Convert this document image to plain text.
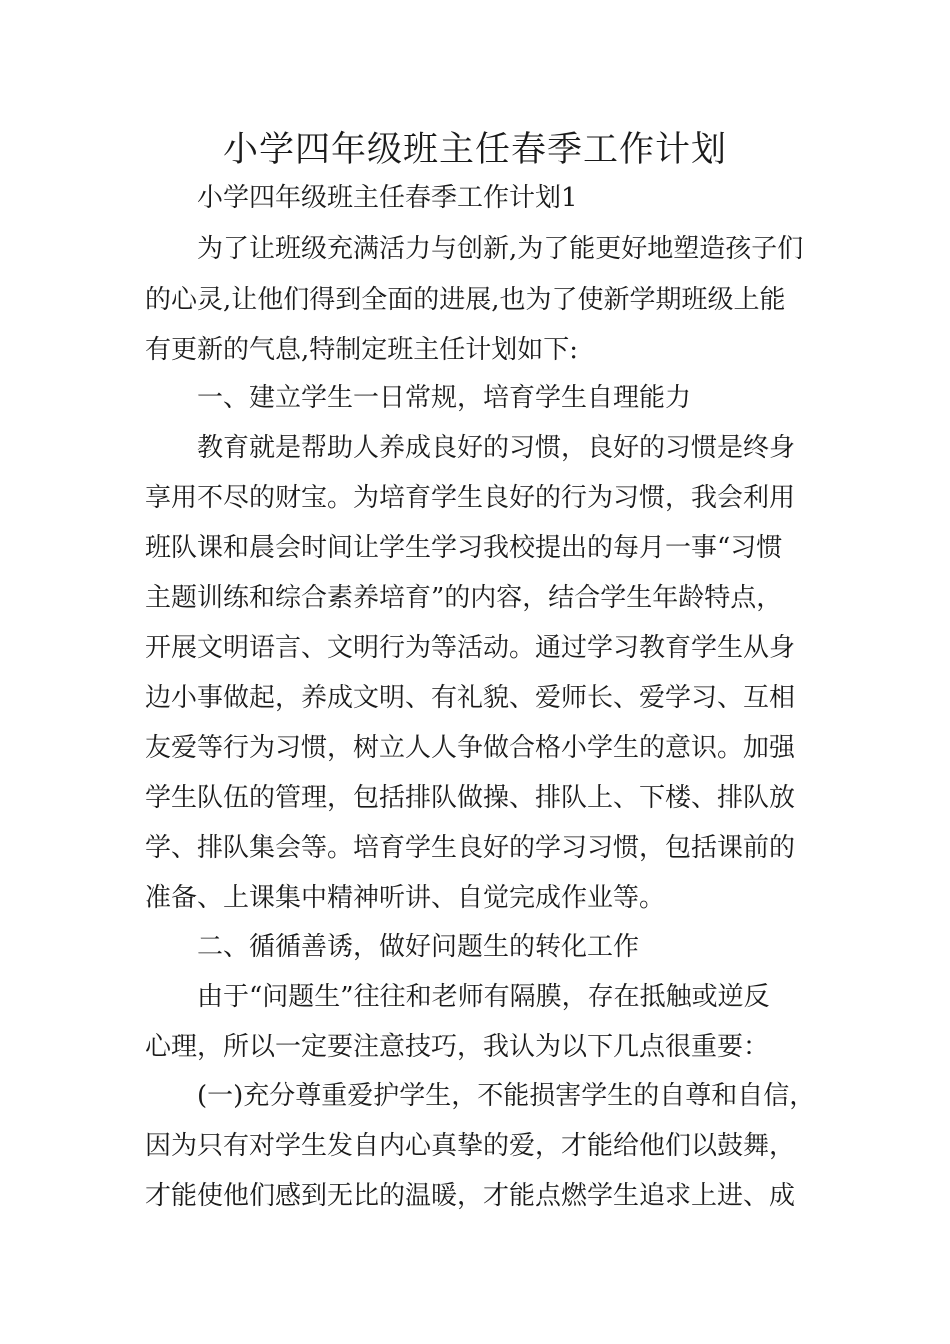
小学四年级班主任春季工作计划

小学四年级班主任春季工作计划1

为了让班级充满活力与创新,为了能更好地塑造孩子们

的心灵,让他们得到全面的进展,也为了使新学期班级上能

有更新的气息,特制定班主任计划如下:

一、建立学生一日常规，培育学生自理能力

教育就是帮助人养成良好的习惯，良好的习惯是终身

享用不尽的财宝。为培育学生良好的行为习惯，我会利用

班队课和晨会时间让学生学习我校提出的每月一事“习惯

主题训练和综合素养培育”的内容，结合学生年龄特点，

开展文明语言、文明行为等活动。通过学习教育学生从身

边小事做起，养成文明、有礼貌、爱师长、爱学习、互相

友爱等行为习惯，树立人人争做合格小学生的意识。加强

学生队伍的管理，包括排队做操、排队上、下楼、排队放

学、排队集会等。培育学生良好的学习习惯，包括课前的

准备、上课集中精神听讲、自觉完成作业等。

二、循循善诱，做好问题生的转化工作

由于“问题生”往往和老师有隔膜，存在抵触或逆反

心理，所以一定要注意技巧，我认为以下几点很重要：

(一)充分尊重爱护学生，不能损害学生的自尊和自信，

因为只有对学生发自内心真挚的爱，才能给他们以鼓舞，

才能使他们感到无比的温暖，才能点燃学生追求上进、成
